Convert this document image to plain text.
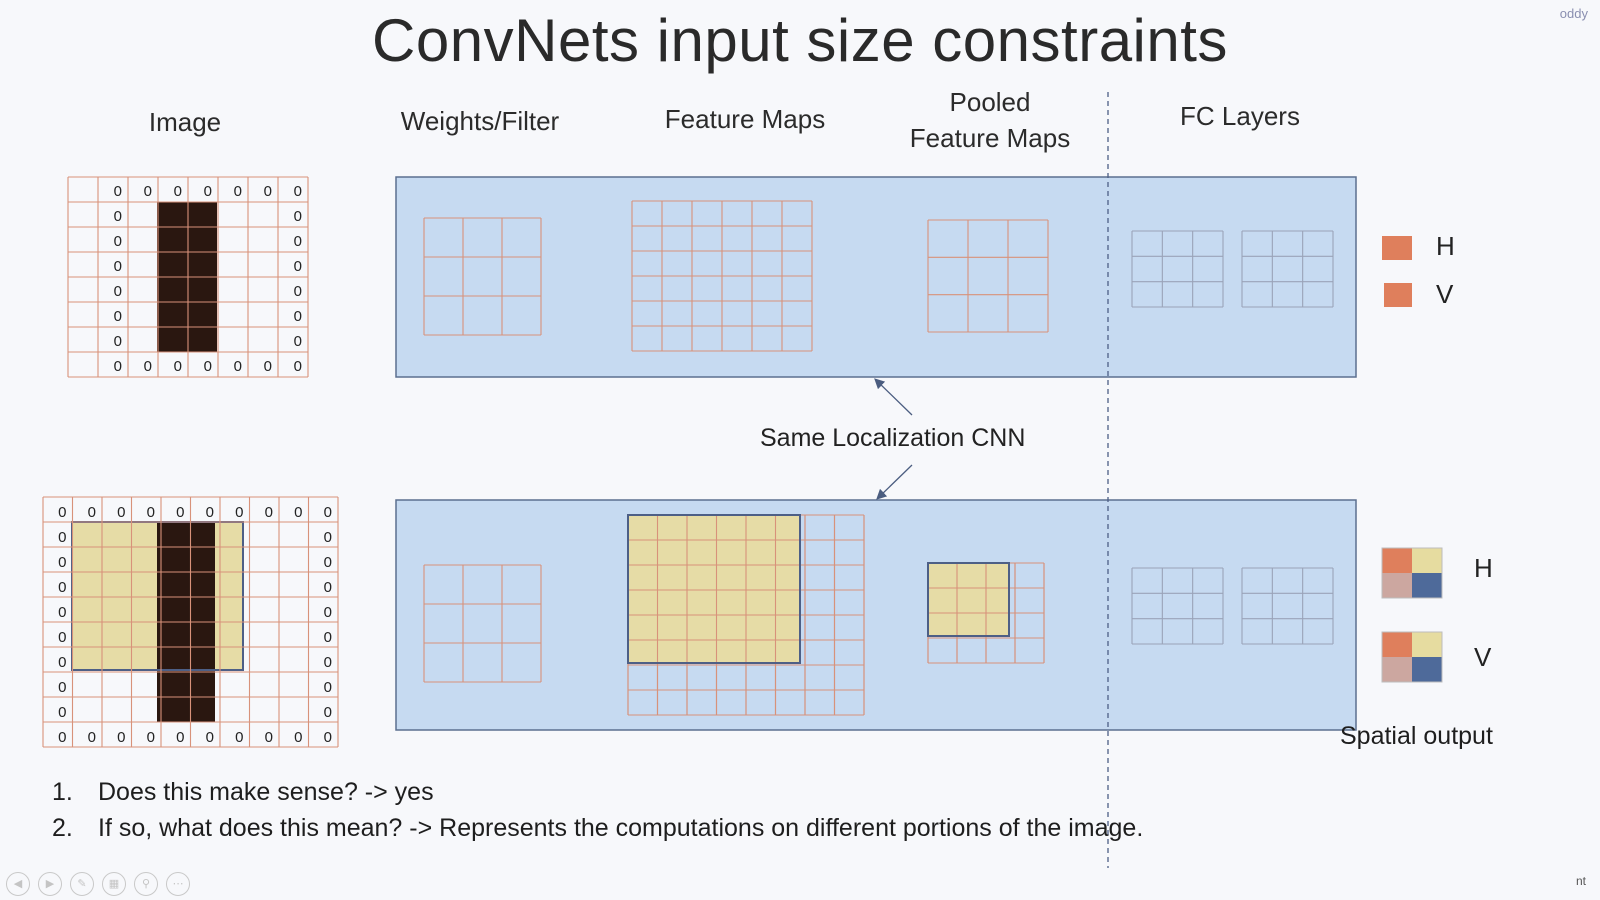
ConvNets input size constraints	oddy
nt
Image	Weights/Filter	Feature Maps
Pooled
Feature Maps
FC Layers
0 0 0 0 0 0 0
0	0
0	0
0	0
0	0
0	0
0	0
0 0 0 0 0 0 0
0 0 0 0 0 0 0 0 0 0
0	0
0	0
0	0
0	0
0	0
0	0
0	0
0	0
0 0 0 0 0 0 0 0 0 0
Same Localization CNN
H
V
H
V
Spatial output
1. Does this make sense? -> yes
2. If so, what does this mean? -> Represents the computations on different portions of the image.
◀	▶	✎	▦	⚲	⋯
